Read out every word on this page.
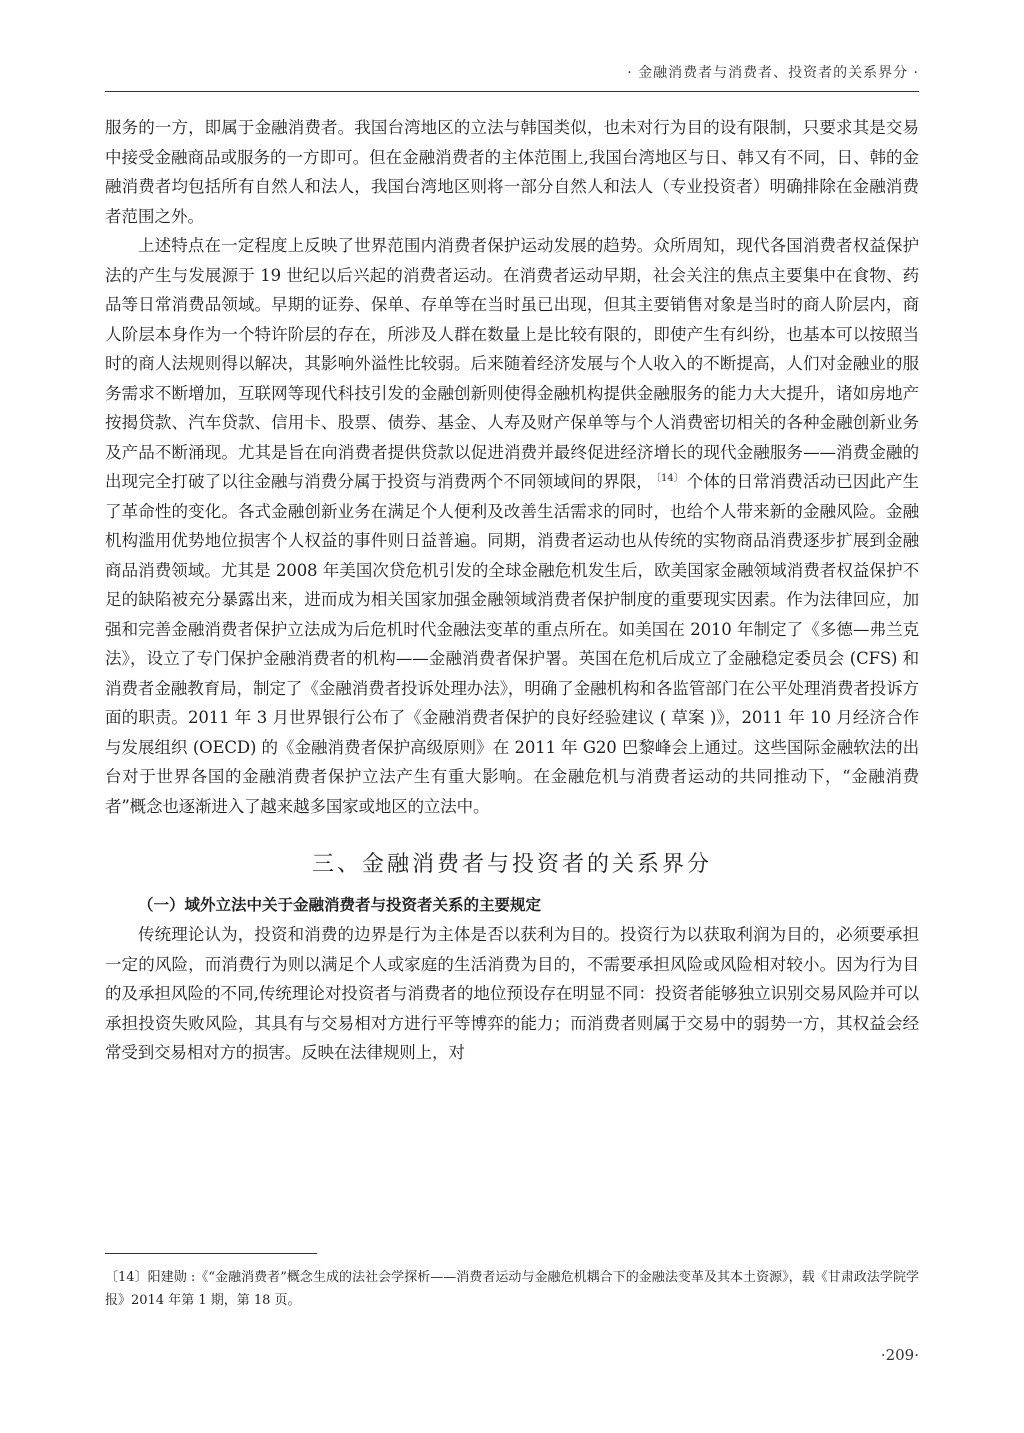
· 金融消费者与消费者、投资者的关系界分 ·

服务的一方，即属于金融消费者。我国台湾地区的立法与韩国类似，也未对行为目的设有限制，只要求其是交易中接受金融商品或服务的一方即可。但在金融消费者的主体范围上,我国台湾地区与日、韩又有不同，日、韩的金融消费者均包括所有自然人和法人，我国台湾地区则将一部分自然人和法人（专业投资者）明确排除在金融消费者范围之外。

上述特点在一定程度上反映了世界范围内消费者保护运动发展的趋势。众所周知，现代各国消费者权益保护法的产生与发展源于 19 世纪以后兴起的消费者运动。在消费者运动早期，社会关注的焦点主要集中在食物、药品等日常消费品领域。早期的证券、保单、存单等在当时虽已出现，但其主要销售对象是当时的商人阶层内，商人阶层本身作为一个特许阶层的存在，所涉及人群在数量上是比较有限的，即使产生有纠纷，也基本可以按照当时的商人法规则得以解决，其影响外溢性比较弱。后来随着经济发展与个人收入的不断提高，人们对金融业的服务需求不断增加，互联网等现代科技引发的金融创新则使得金融机构提供金融服务的能力大大提升，诸如房地产按揭贷款、汽车贷款、信用卡、股票、债券、基金、人寿及财产保单等与个人消费密切相关的各种金融创新业务及产品不断涌现。尤其是旨在向消费者提供贷款以促进消费并最终促进经济增长的现代金融服务——消费金融的出现完全打破了以往金融与消费分属于投资与消费两个不同领域间的界限， $^{〔14〕}$ 个体的日常消费活动已因此产生了革命性的变化。各式金融创新业务在满足个人便利及改善生活需求的同时，也给个人带来新的金融风险。金融机构滥用优势地位损害个人权益的事件则日益普遍。同期，消费者运动也从传统的实物商品消费逐步扩展到金融商品消费领域。尤其是 2008 年美国次贷危机引发的全球金融危机发生后，欧美国家金融领域消费者权益保护不足的缺陷被充分暴露出来，进而成为相关国家加强金融领域消费者保护制度的重要现实因素。作为法律回应，加强和完善金融消费者保护立法成为后危机时代金融法变革的重点所在。如美国在 2010 年制定了《多德—弗兰克法》，设立了专门保护金融消费者的机构——金融消费者保护署。英国在危机后成立了金融稳定委员会 (CFS) 和消费者金融教育局，制定了《金融消费者投诉处理办法》，明确了金融机构和各监管部门在公平处理消费者投诉方面的职责。2011 年 3 月世界银行公布了《金融消费者保护的良好经验建议 ( 草案 )》，2011 年 10 月经济合作与发展组织 (OECD) 的《金融消费者保护高级原则》在 2011 年 G20 巴黎峰会上通过。这些国际金融软法的出台对于世界各国的金融消费者保护立法产生有重大影响。在金融危机与消费者运动的共同推动下，“金融消费者”概念也逐渐进入了越来越多国家或地区的立法中。

三、金融消费者与投资者的关系界分
（一）域外立法中关于金融消费者与投资者关系的主要规定

传统理论认为，投资和消费的边界是行为主体是否以获利为目的。投资行为以获取利润为目的，必须要承担一定的风险，而消费行为则以满足个人或家庭的生活消费为目的，不需要承担风险或风险相对较小。因为行为目的及承担风险的不同,传统理论对投资者与消费者的地位预设存在明显不同：投资者能够独立识别交易风险并可以承担投资失败风险，其具有与交易相对方进行平等博弈的能力；而消费者则属于交易中的弱势一方，其权益会经常受到交易相对方的损害。反映在法律规则上，对

〔14〕阳建勋 :《“金融消费者”概念生成的法社会学探析——消费者运动与金融危机耦合下的金融法变革及其本土资源》，载《甘肃政法学院学报》2014 年第 1 期，第 18 页。

·209·
